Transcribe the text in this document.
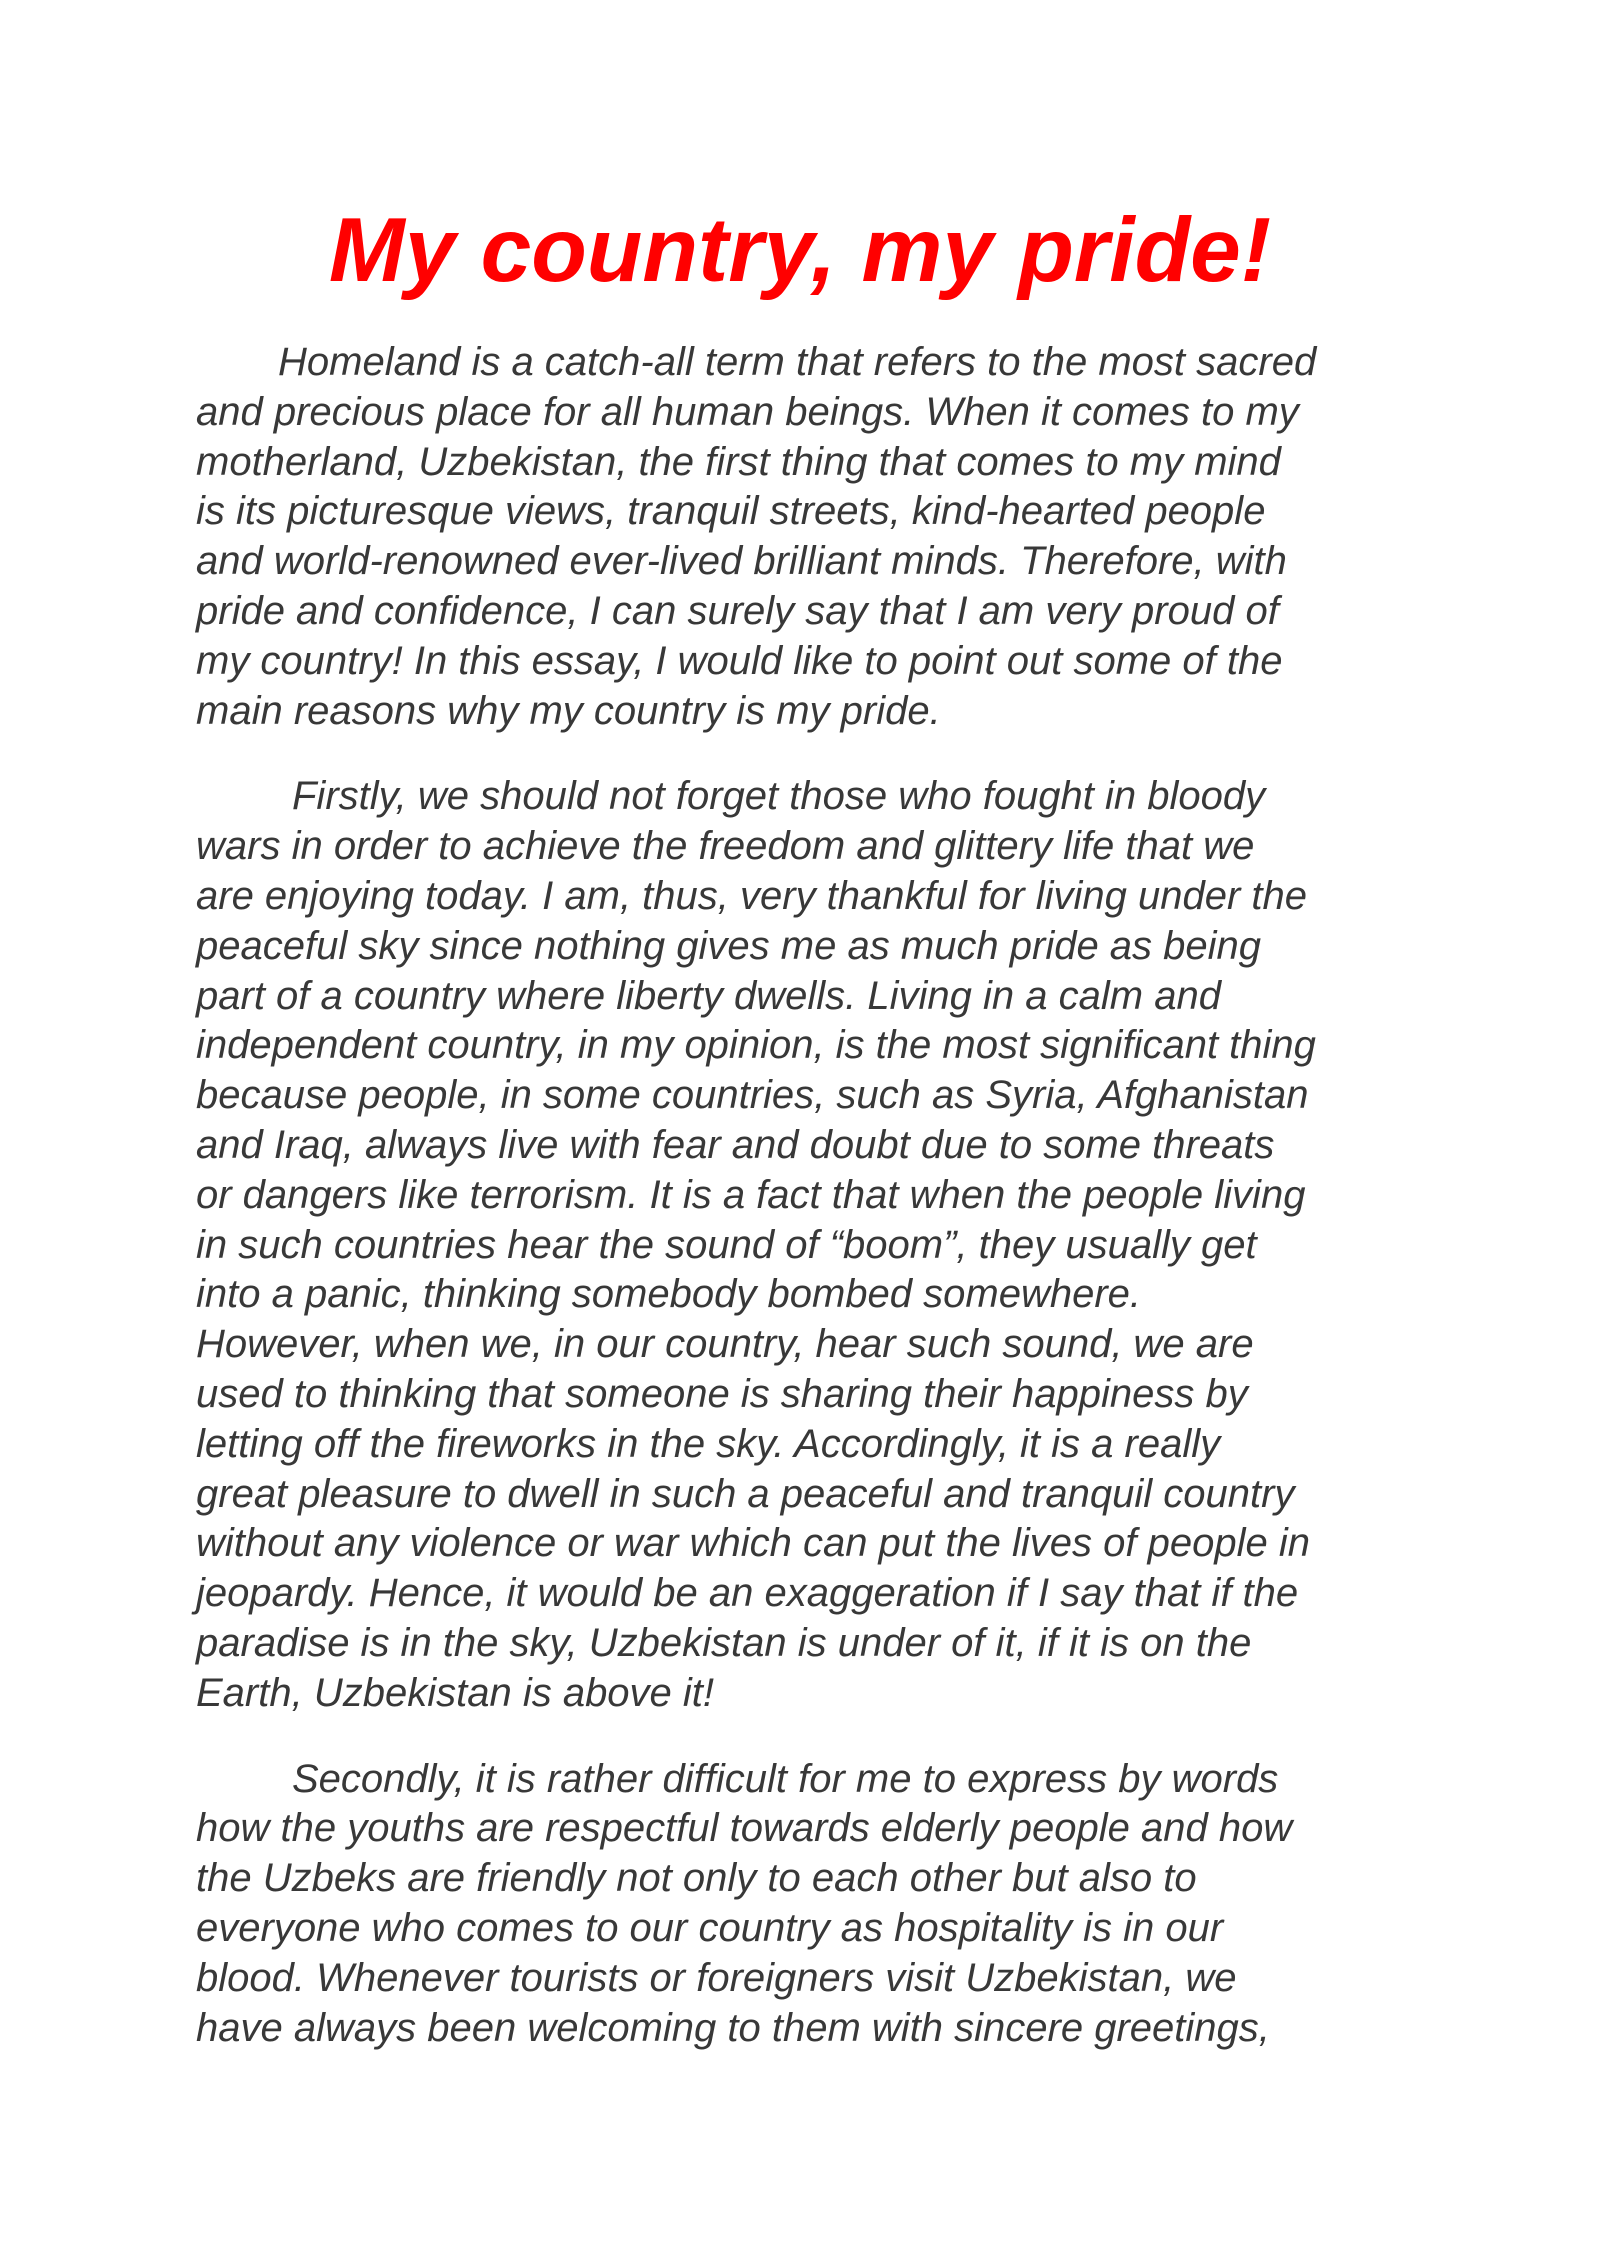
My country, my pride!
Homeland is a catch-all term that refers to the most sacred
and precious place for all human beings. When it comes to my
motherland, Uzbekistan, the first thing that comes to my mind
is its picturesque views, tranquil streets, kind-hearted people
and world-renowned ever-lived brilliant minds. Therefore, with
pride and confidence, I can surely say that I am very proud of
my country! In this essay, I would like to point out some of the
main reasons why my country is my pride.
Firstly, we should not forget those who fought in bloody
wars in order to achieve the freedom and glittery life that we
are enjoying today. I am, thus, very thankful for living under the
peaceful sky since nothing gives me as much pride as being
part of a country where liberty dwells. Living in a calm and
independent country, in my opinion, is the most significant thing
because people, in some countries, such as Syria, Afghanistan
and Iraq, always live with fear and doubt due to some threats
or dangers like terrorism. It is a fact that when the people living
in such countries hear the sound of “boom”, they usually get
into a panic, thinking somebody bombed somewhere.
However, when we, in our country, hear such sound, we are
used to thinking that someone is sharing their happiness by
letting off the fireworks in the sky. Accordingly, it is a really
great pleasure to dwell in such a peaceful and tranquil country
without any violence or war which can put the lives of people in
jeopardy. Hence, it would be an exaggeration if I say that if the
paradise is in the sky, Uzbekistan is under of it, if it is on the
Earth, Uzbekistan is above it!
Secondly, it is rather difficult for me to express by words
how the youths are respectful towards elderly people and how
the Uzbeks are friendly not only to each other but also to
everyone who comes to our country as hospitality is in our
blood. Whenever tourists or foreigners visit Uzbekistan, we
have always been welcoming to them with sincere greetings,
